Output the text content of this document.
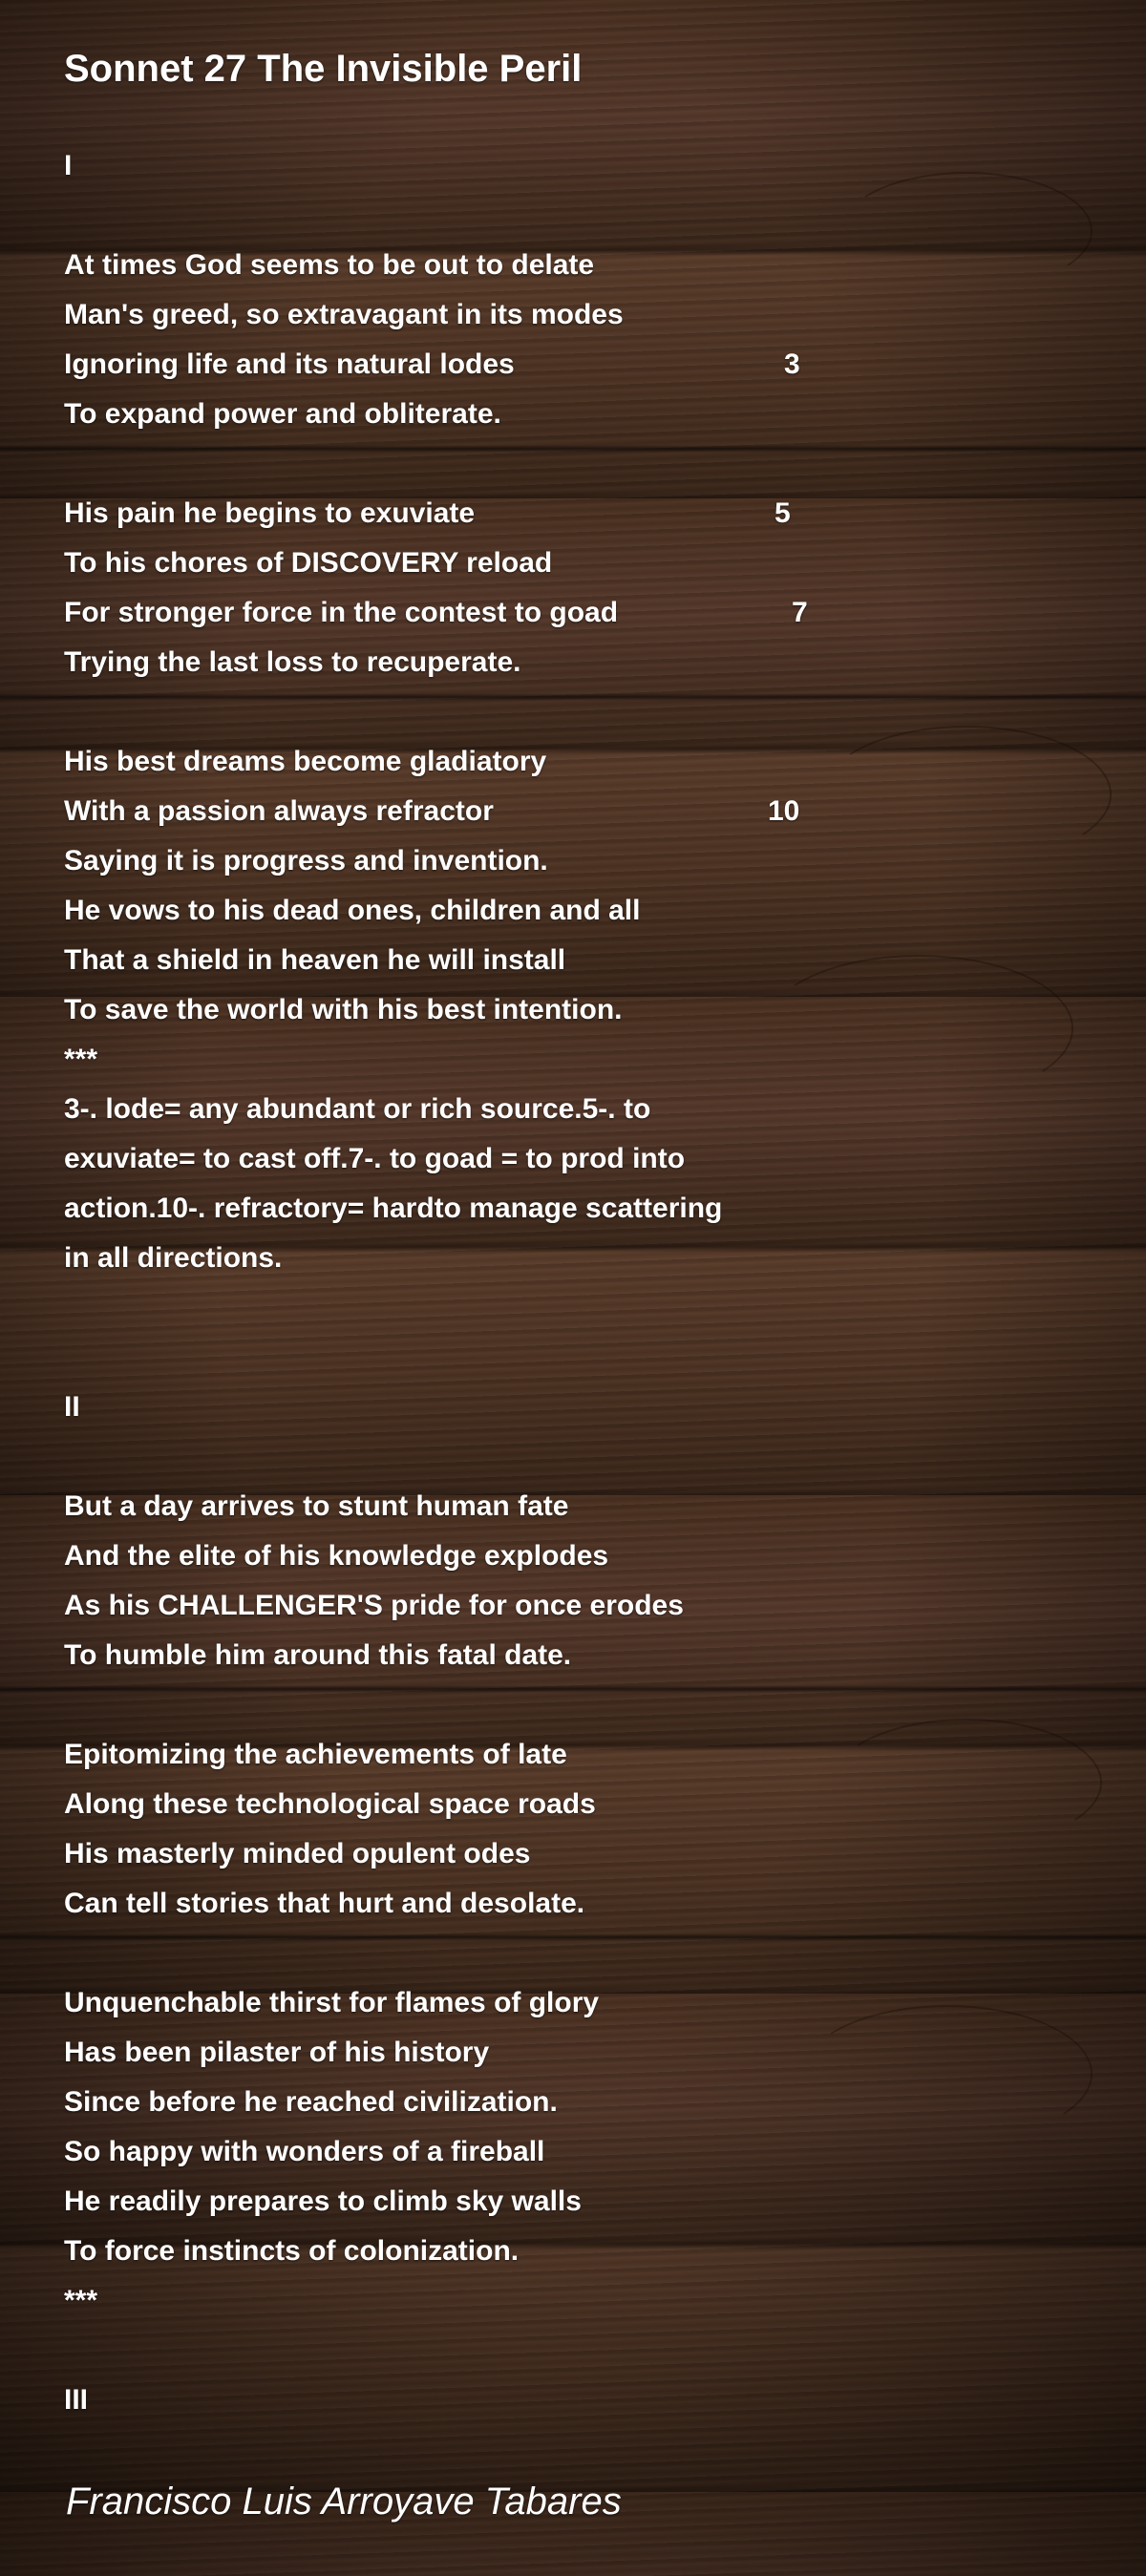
Sonnet 27 The Invisible Peril
I
At times God seems to be out to delate
Man's greed, so extravagant in its modes
Ignoring life and its natural lodes	3
To expand power and obliterate.
His pain he begins to exuviate	5
To his chores of DISCOVERY reload
For stronger force in the contest to goad	7
Trying the last loss to recuperate.
His best dreams become gladiatory
With a passion always refractor	10
Saying it is progress and invention.
He vows to his dead ones, children and all
That a shield in heaven he will install
To save the world with his best intention.
***
3-. lode= any abundant or rich source.5-. to
exuviate= to cast off.7-. to goad = to prod into
action.10-. refractory= hardto manage scattering
in all directions.
II
But a day arrives to stunt human fate
And the elite of his knowledge explodes
As his CHALLENGER'S pride for once erodes
To humble him around this fatal date.
Epitomizing the achievements of late
Along these technological space roads
His masterly minded opulent odes
Can tell stories that hurt and desolate.
Unquenchable thirst for flames of glory
Has been pilaster of his history
Since before he reached civilization.
So happy with wonders of a fireball
He readily prepares to climb sky walls
To force instincts of colonization.
***
III
Francisco Luis Arroyave Tabares
